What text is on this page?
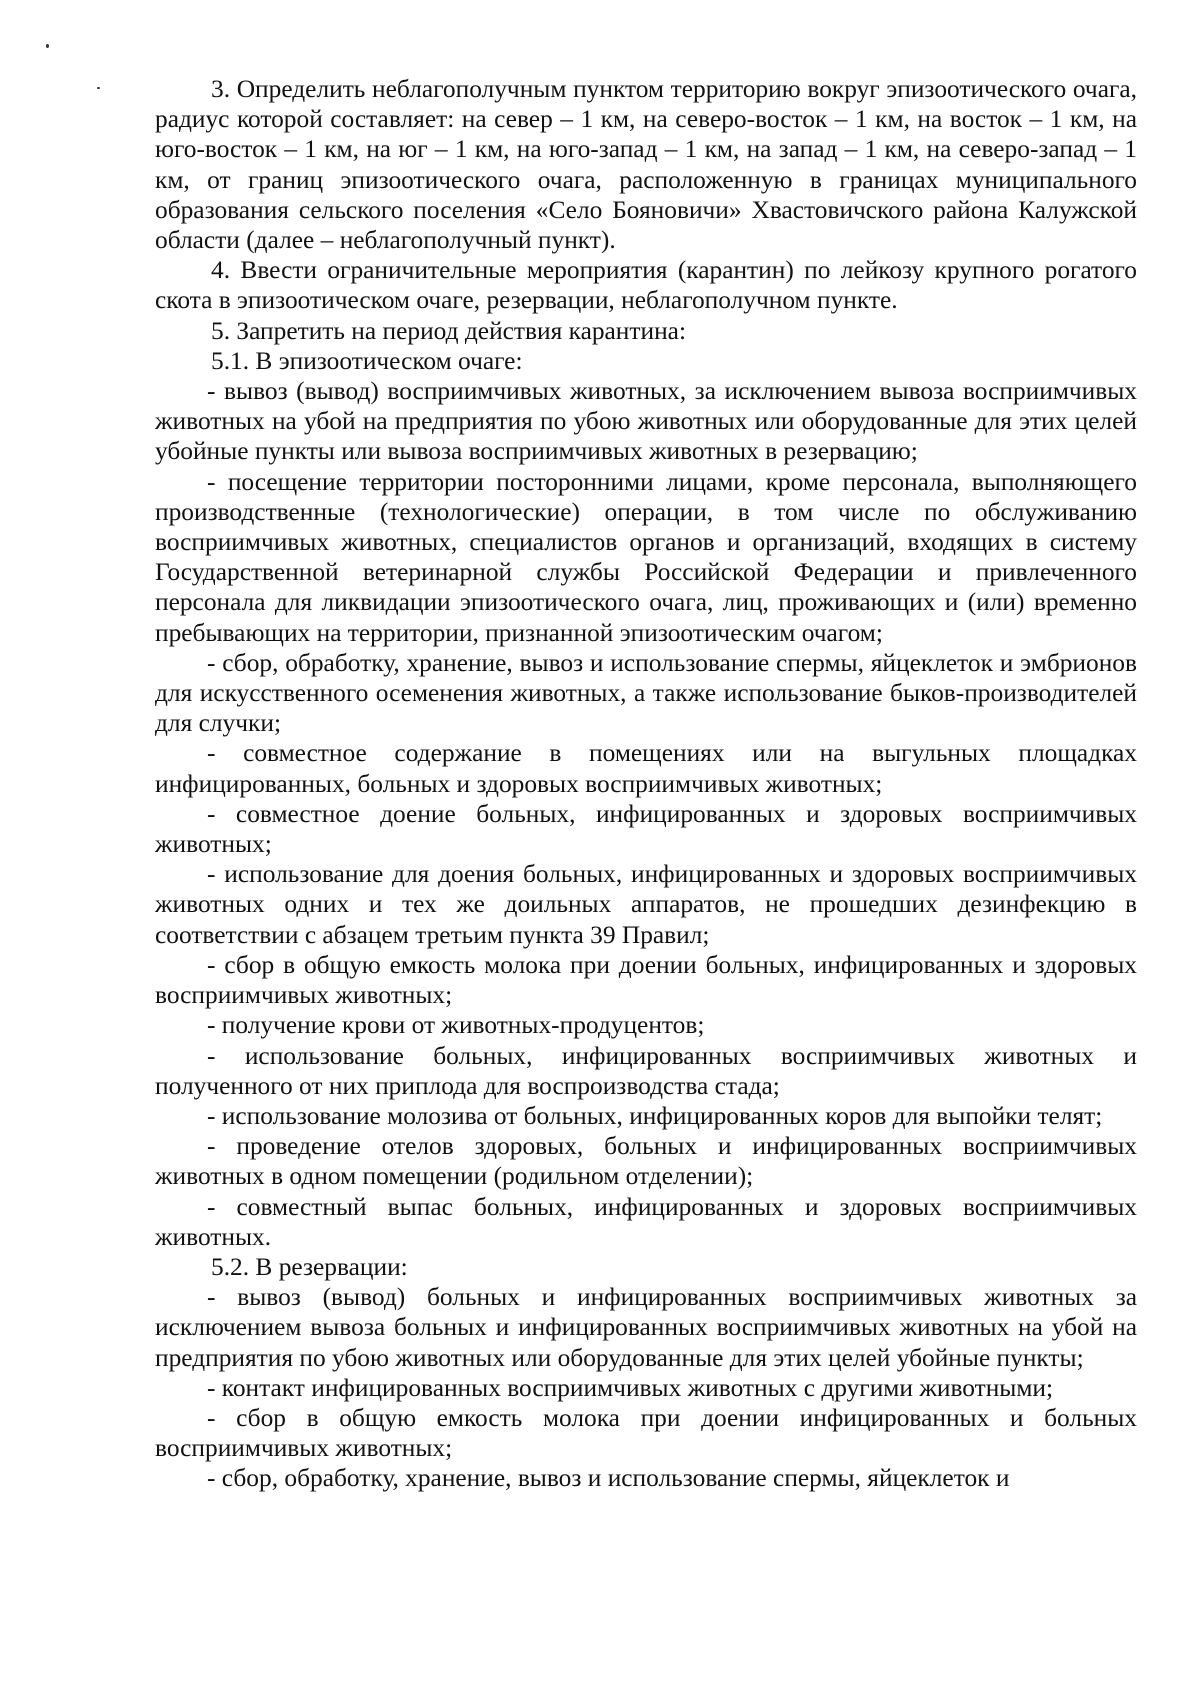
3. Определить неблагополучным пунктом территорию вокруг эпизоотического очага, радиус которой составляет: на север – 1 км, на северо-восток – 1 км, на восток – 1 км, на юго-восток – 1 км, на юг – 1 км, на юго-запад – 1 км, на запад – 1 км, на северо-запад – 1 км, от границ эпизоотического очага, расположенную в границах муниципального образования сельского поселения «Село Бояновичи» Хвастовичского района Калужской области (далее – неблагополучный пункт).

4. Ввести ограничительные мероприятия (карантин) по лейкозу крупного рогатого скота в эпизоотическом очаге, резервации, неблагополучном пункте.

5. Запретить на период действия карантина:

5.1. В эпизоотическом очаге:

- вывоз (вывод) восприимчивых животных, за исключением вывоза восприимчивых животных на убой на предприятия по убою животных или оборудованные для этих целей убойные пункты или вывоза восприимчивых животных в резервацию;

- посещение территории посторонними лицами, кроме персонала, выполняющего производственные (технологические) операции, в том числе по обслуживанию восприимчивых животных, специалистов органов и организаций, входящих в систему Государственной ветеринарной службы Российской Федерации и привлеченного персонала для ликвидации эпизоотического очага, лиц, проживающих и (или) временно пребывающих на территории, признанной эпизоотическим очагом;

- сбор, обработку, хранение, вывоз и использование спермы, яйцеклеток и эмбрионов для искусственного осеменения животных, а также использование быков-производителей для случки;

- совместное содержание в помещениях или на выгульных площадках инфицированных, больных и здоровых восприимчивых животных;

- совместное доение больных, инфицированных и здоровых восприимчивых животных;

- использование для доения больных, инфицированных и здоровых восприимчивых животных одних и тех же доильных аппаратов, не прошедших дезинфекцию в соответствии с абзацем третьим пункта 39 Правил;

- сбор в общую емкость молока при доении больных, инфицированных и здоровых восприимчивых животных;

- получение крови от животных-продуцентов;

- использование больных, инфицированных восприимчивых животных и полученного от них приплода для воспроизводства стада;

- использование молозива от больных, инфицированных коров для выпойки телят;

- проведение отелов здоровых, больных и инфицированных восприимчивых животных в одном помещении (родильном отделении);

- совместный выпас больных, инфицированных и здоровых восприимчивых животных.

5.2. В резервации:

- вывоз (вывод) больных и инфицированных восприимчивых животных за исключением вывоза больных и инфицированных восприимчивых животных на убой на предприятия по убою животных или оборудованные для этих целей убойные пункты;

- контакт инфицированных восприимчивых животных с другими животными;

- сбор в общую емкость молока при доении инфицированных и больных восприимчивых животных;

- сбор, обработку, хранение, вывоз и использование спермы, яйцеклеток и
